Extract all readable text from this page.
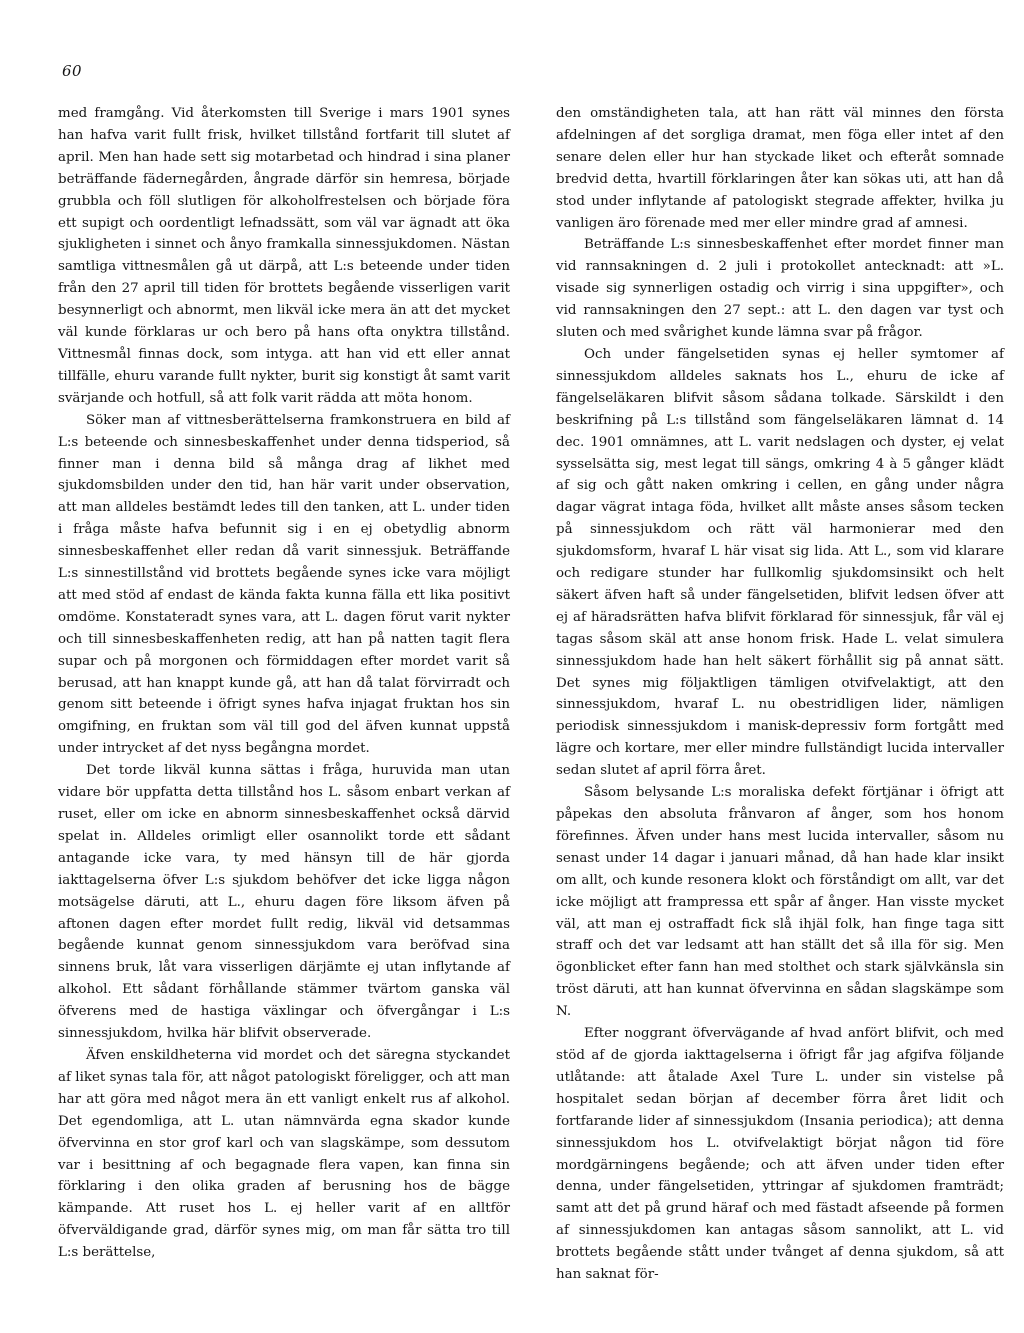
60

med framgång. Vid återkomsten till Sverige i mars 1901 synes han hafva varit fullt frisk, hvilket tillstånd fortfarit till slutet af april. Men han hade sett sig motarbetad och hindrad i sina planer beträffande fädernegården, ångrade därför sin hemresa, började grubbla och föll slutligen för alkoholfrestelsen och började föra ett supigt och oordentligt lefnadssätt, som väl var ägnadt att öka sjukligheten i sinnet och ånyo framkalla sinnessjukdomen. Nästan samtliga vittnesmålen gå ut därpå, att L:s beteende under tiden från den 27 april till tiden för brottets begående visserligen varit besynnerligt och abnormt, men likväl icke mera än att det mycket väl kunde förklaras ur och bero på hans ofta onyktra tillstånd. Vittnesmål finnas dock, som intyga. att han vid ett eller annat tillfälle, ehuru varande fullt nykter, burit sig konstigt åt samt varit svärjande och hotfull, så att folk varit rädda att möta honom.

Söker man af vittnesberättelserna framkonstruera en bild af L:s beteende och sinnesbeskaffenhet under denna tidsperiod, så finner man i denna bild så många drag af likhet med sjukdomsbilden under den tid, han här varit under observation, att man alldeles bestämdt ledes till den tanken, att L. under tiden i fråga måste hafva befunnit sig i en ej obetydlig abnorm sinnesbeskaffenhet eller redan då varit sinnessjuk. Beträffande L:s sinnestillstånd vid brottets begående synes icke vara möjligt att med stöd af endast de kända fakta kunna fälla ett lika positivt omdöme. Konstateradt synes vara, att L. dagen förut varit nykter och till sinnesbeskaffenheten redig, att han på natten tagit flera supar och på morgonen och förmiddagen efter mordet varit så berusad, att han knappt kunde gå, att han då talat förvirradt och genom sitt beteende i öfrigt synes hafva injagat fruktan hos sin omgifning, en fruktan som väl till god del äfven kunnat uppstå under intrycket af det nyss begångna mordet.

Det torde likväl kunna sättas i fråga, huruvida man utan vidare bör uppfatta detta tillstånd hos L. såsom enbart verkan af ruset, eller om icke en abnorm sinnesbeskaffenhet också därvid spelat in. Alldeles orimligt eller osannolikt torde ett sådant antagande icke vara, ty med hänsyn till de här gjorda iakttagelserna öfver L:s sjukdom behöfver det icke ligga någon motsägelse däruti, att L., ehuru dagen före liksom äfven på aftonen dagen efter mordet fullt redig, likväl vid detsammas begående kunnat genom sinnessjukdom vara beröfvad sina sinnens bruk, låt vara visserligen därjämte ej utan inflytande af alkohol. Ett sådant förhållande stämmer tvärtom ganska väl öfverens med de hastiga växlingar och öfvergångar i L:s sinnessjukdom, hvilka här blifvit observerade.

Äfven enskildheterna vid mordet och det säregna styckandet af liket synas tala för, att något patologiskt föreligger, och att man har att göra med något mera än ett vanligt enkelt rus af alkohol. Det egendomliga, att L. utan nämnvärda egna skador kunde öfvervinna en stor grof karl och van slagskämpe, som dessutom var i besittning af och begagnade flera vapen, kan finna sin förklaring i den olika graden af berusning hos de bägge kämpande. Att ruset hos L. ej heller varit af en alltför öfverväldigande grad, därför synes mig, om man får sätta tro till L:s berättelse,

den omständigheten tala, att han rätt väl minnes den första afdelningen af det sorgliga dramat, men föga eller intet af den senare delen eller hur han styckade liket och efteråt somnade bredvid detta, hvartill förklaringen åter kan sökas uti, att han då stod under inflytande af patologiskt stegrade affekter, hvilka ju vanligen äro förenade med mer eller mindre grad af amnesi.

Beträffande L:s sinnesbeskaffenhet efter mordet finner man vid rannsakningen d. 2 juli i protokollet antecknadt: att »L. visade sig synnerligen ostadig och virrig i sina uppgifter», och vid rannsakningen den 27 sept.: att L. den dagen var tyst och sluten och med svårighet kunde lämna svar på frågor.

Och under fängelsetiden synas ej heller symtomer af sinnessjukdom alldeles saknats hos L., ehuru de icke af fängelseläkaren blifvit såsom sådana tolkade. Särskildt i den beskrifning på L:s tillstånd som fängelseläkaren lämnat d. 14 dec. 1901 omnämnes, att L. varit nedslagen och dyster, ej velat sysselsätta sig, mest legat till sängs, omkring 4 à 5 gånger klädt af sig och gått naken omkring i cellen, en gång under några dagar vägrat intaga föda, hvilket allt måste anses såsom tecken på sinnessjukdom och rätt väl harmonierar med den sjukdomsform, hvaraf L här visat sig lida. Att L., som vid klarare och redigare stunder har fullkomlig sjukdomsinsikt och helt säkert äfven haft så under fängelsetiden, blifvit ledsen öfver att ej af häradsrätten hafva blifvit förklarad för sinnessjuk, får väl ej tagas såsom skäl att anse honom frisk. Hade L. velat simulera sinnessjukdom hade han helt säkert förhållit sig på annat sätt. Det synes mig följaktligen tämligen otvifvelaktigt, att den sinnessjukdom, hvaraf L. nu obestridligen lider, nämligen periodisk sinnessjukdom i manisk-depressiv form fortgått med lägre och kortare, mer eller mindre fullständigt lucida intervaller sedan slutet af april förra året.

Såsom belysande L:s moraliska defekt förtjänar i öfrigt att påpekas den absoluta frånvaron af ånger, som hos honom förefinnes. Äfven under hans mest lucida intervaller, såsom nu senast under 14 dagar i januari månad, då han hade klar insikt om allt, och kunde resonera klokt och förståndigt om allt, var det icke möjligt att frampressa ett spår af ånger. Han visste mycket väl, att man ej ostraffadt fick slå ihjäl folk, han finge taga sitt straff och det var ledsamt att han ställt det så illa för sig. Men ögonblicket efter fann han med stolthet och stark självkänsla sin tröst däruti, att han kunnat öfvervinna en sådan slagskämpe som N.

Efter noggrant öfvervägande af hvad anfört blifvit, och med stöd af de gjorda iakttagelserna i öfrigt får jag afgifva följande utlåtande: att åtalade Axel Ture L. under sin vistelse på hospitalet sedan början af december förra året lidit och fortfarande lider af sinnessjukdom (Insania periodica); att denna sinnessjukdom hos L. otvifvelaktigt börjat någon tid före mordgärningens begående; och att äfven under tiden efter denna, under fängelsetiden, yttringar af sjukdomen framträdt; samt att det på grund häraf och med fästadt afseende på formen af sinnessjukdomen kan antagas såsom sannolikt, att L. vid brottets begående stått under tvånget af denna sjukdom, så att han saknat för-
